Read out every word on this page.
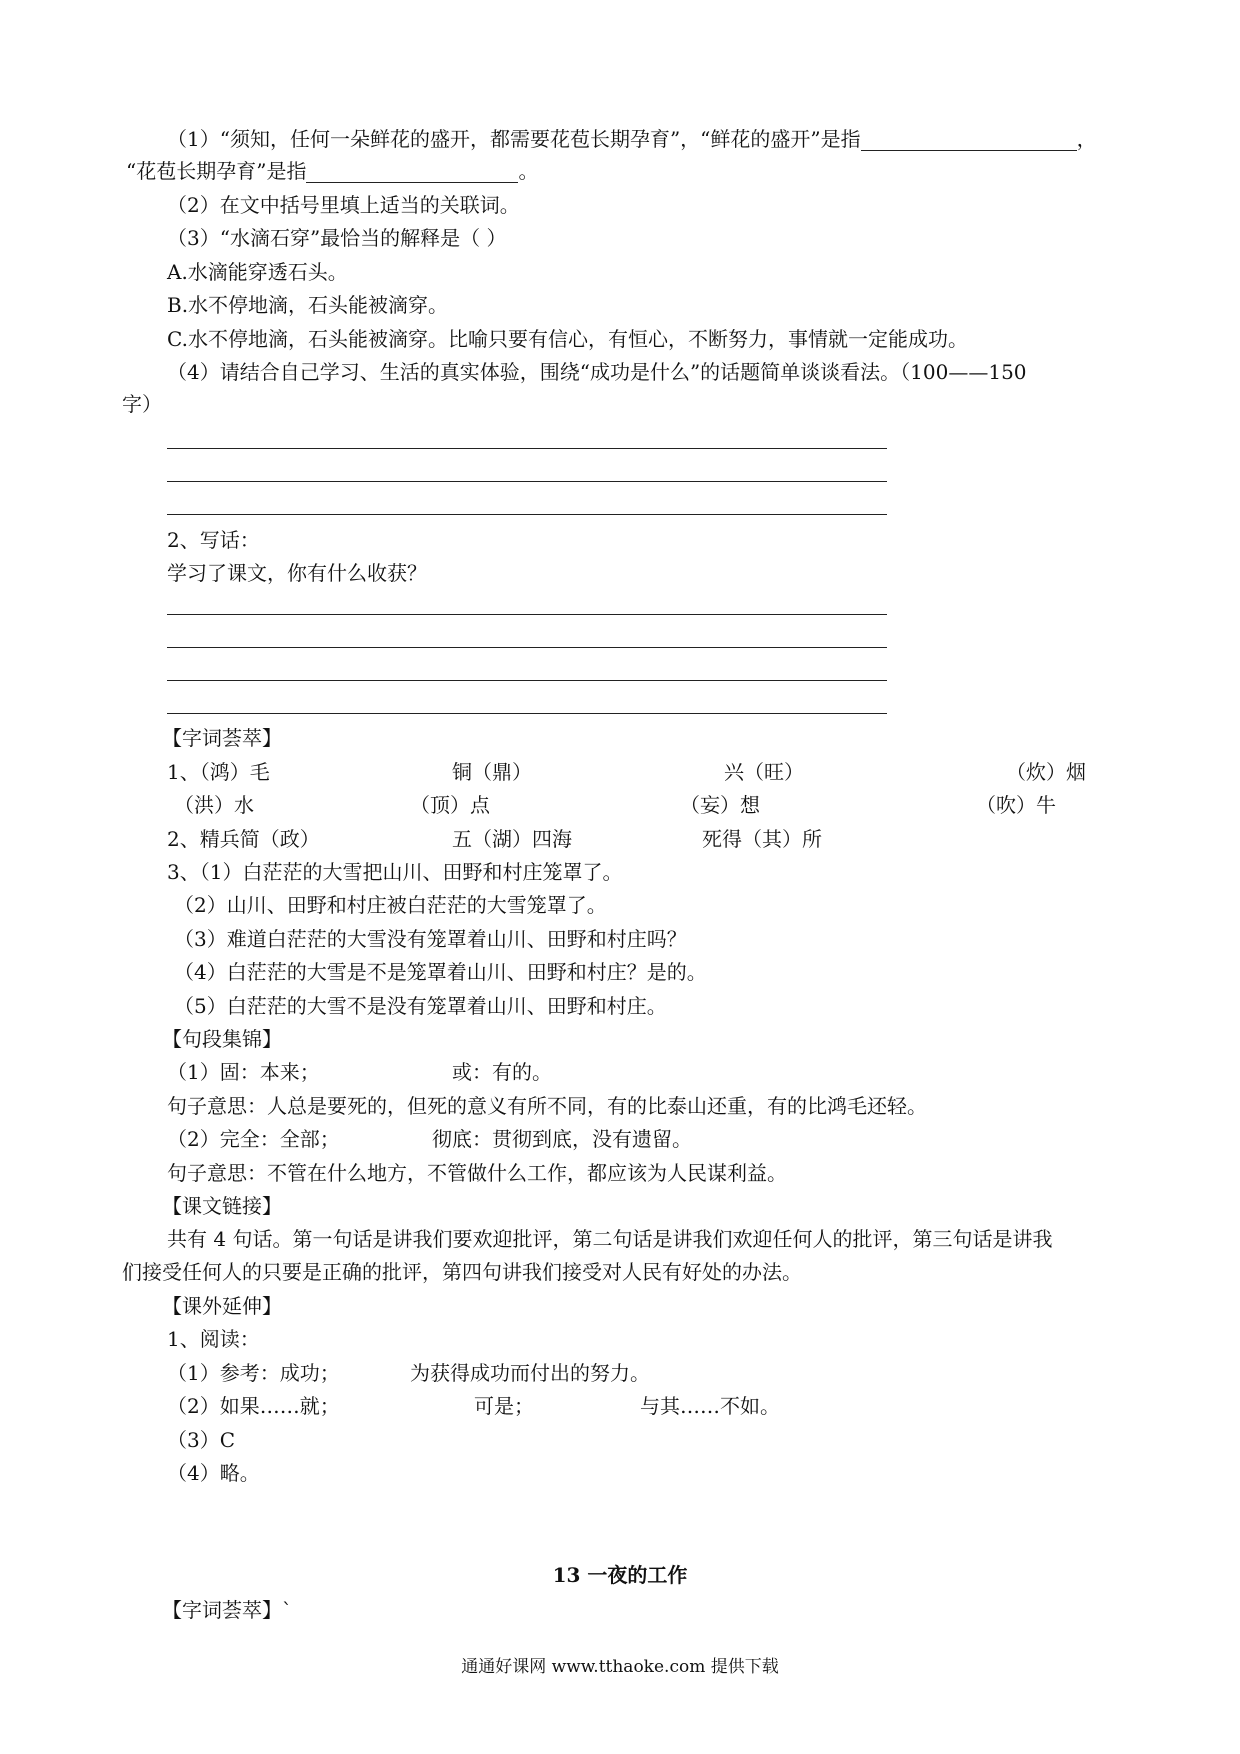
（1）“须知，任何一朵鲜花的盛开，都需要花苞长期孕育”，“鲜花的盛开”是指	，
“花苞长期孕育”是指	。
（2）在文中括号里填上适当的关联词。
（3）“水滴石穿”最恰当的解释是（ ）
A.水滴能穿透石头。
B.水不停地滴，石头能被滴穿。
C.水不停地滴，石头能被滴穿。比喻只要有信心，有恒心，不断努力，事情就一定能成功。
（4）请结合自己学习、生活的真实体验，围绕“成功是什么”的话题简单谈谈看法。（100——150
字）
2、写话：
学习了课文，你有什么收获？
【字词荟萃】
1、（鸿）毛	铜（鼎）	兴（旺）	（炊）烟
（洪）水	（顶）点	（妄）想	（吹）牛
2、精兵简（政）	五（湖）四海	死得（其）所
3、（1）白茫茫的大雪把山川、田野和村庄笼罩了。
（2）山川、田野和村庄被白茫茫的大雪笼罩了。
（3）难道白茫茫的大雪没有笼罩着山川、田野和村庄吗？
（4）白茫茫的大雪是不是笼罩着山川、田野和村庄？是的。
（5）白茫茫的大雪不是没有笼罩着山川、田野和村庄。
【句段集锦】
（1）固：本来；	或：有的。
句子意思：人总是要死的，但死的意义有所不同，有的比泰山还重，有的比鸿毛还轻。
（2）完全：全部；	彻底：贯彻到底，没有遗留。
句子意思：不管在什么地方，不管做什么工作，都应该为人民谋利益。
【课文链接】
共有 4 句话。第一句话是讲我们要欢迎批评，第二句话是讲我们欢迎任何人的批评，第三句话是讲我
们接受任何人的只要是正确的批评，第四句讲我们接受对人民有好处的办法。
【课外延伸】
1、阅读：
（1）参考：成功；	为获得成功而付出的努力。
（2）如果……就；	可是；	与其……不如。
（3）C
（4）略。
13 一夜的工作
【字词荟萃】`
通通好课网 www.tthaoke.com 提供下载
